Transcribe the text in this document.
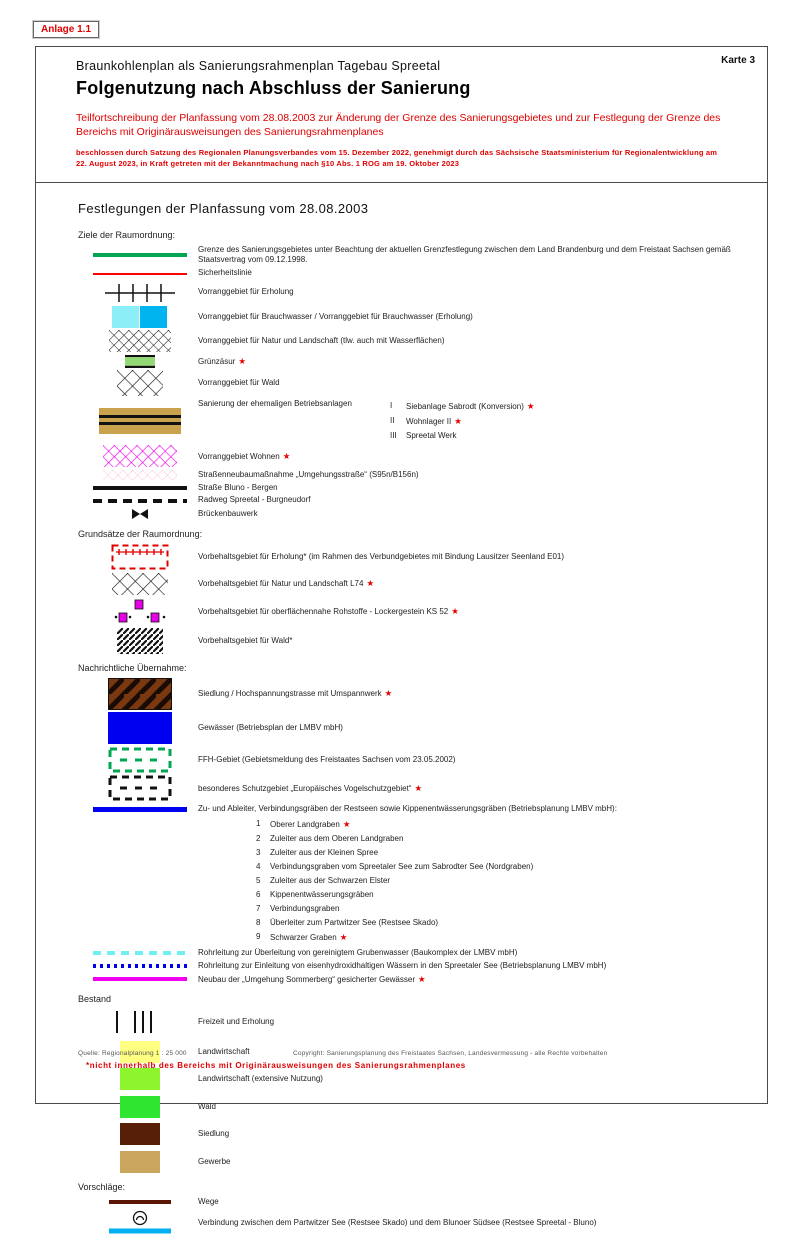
Anlage 1.1
Karte 3
Braunkohlenplan als Sanierungsrahmenplan Tagebau Spreetal
Folgenutzung nach Abschluss der Sanierung
Teilfortschreibung der Planfassung vom 28.08.2003 zur Änderung der Grenze des Sanierungsgebietes und zur Festlegung der Grenze des Bereichs mit Originärausweisungen des Sanierungsrahmenplanes
beschlossen durch Satzung des Regionalen Planungsverbandes vom 15. Dezember 2022, genehmigt durch das Sächsische Staatsministerium für Regionalentwicklung am 22. August 2023, in Kraft getreten mit der Bekanntmachung nach §10 Abs. 1 ROG am 19. Oktober 2023
Festlegungen der Planfassung vom 28.08.2003
Ziele der Raumordnung:
Grenze des Sanierungsgebietes unter Beachtung der aktuellen Grenzfestlegung zwischen dem Land Brandenburg und dem Freistaat Sachsen gemäß Staatsvertrag vom 09.12.1998.
Sicherheitslinie
Vorranggebiet für Erholung
Vorranggebiet für Brauchwasser / Vorranggebiet für Brauchwasser (Erholung)
Vorranggebiet für Natur und Landschaft (tlw. auch mit Wasserflächen)
Grünzäsur ★
Vorranggebiet für Wald
Sanierung der ehemaligen Betriebsanlagen	I	Siebanlage Sabrodt (Konversion) ★
II	Wohnlager II ★
III	Spreetal Werk
Vorranggebiet Wohnen ★
Straßenneubaumaßnahme „Umgehungsstraße“ (S95n/B156n)
Straße Bluno - Bergen
Radweg Spreetal - Burgneudorf
Brückenbauwerk
Grundsätze der Raumordnung:
Vorbehaltsgebiet für Erholung* (im Rahmen des Verbundgebietes mit Bindung Lausitzer Seenland E01)
Vorbehaltsgebiet für Natur und Landschaft L74 ★
Vorbehaltsgebiet für oberflächennahe Rohstoffe - Lockergestein KS 52 ★
Vorbehaltsgebiet für Wald*
Nachrichtliche Übernahme:
Siedlung / Hochspannungstrasse mit Umspannwerk ★
Gewässer (Betriebsplan der LMBV mbH)
FFH-Gebiet (Gebietsmeldung des Freistaates Sachsen vom 23.05.2002)
besonderes Schutzgebiet „Europäisches Vogelschutzgebiet“ ★
Zu- und Ableiter, Verbindungsgräben der Restseen sowie Kippenentwässerungsgräben (Betriebsplanung LMBV mbH):
1	Oberer Landgraben ★
2	Zuleiter aus dem Oberen Landgraben
3	Zuleiter aus der Kleinen Spree
4	Verbindungsgraben vom Spreetaler See zum Sabrodter See (Nordgraben)
5	Zuleiter aus der Schwarzen Elster
6	Kippenentwässerungsgräben
7	Verbindungsgraben
8	Überleiter zum Partwitzer See (Restsee Skado)
9	Schwarzer Graben ★
Rohrleitung zur Überleitung von gereinigtem Grubenwasser (Baukomplex der LMBV mbH)
Rohrleitung zur Einleitung von eisenhydroxidhaltigen Wässern in den Spreetaler See (Betriebsplanung LMBV mbH)
Neubau der „Umgehung Sommerberg“ gesicherter Gewässer ★
Bestand
Freizeit und Erholung
Landwirtschaft
Landwirtschaft (extensive Nutzung)
Wald
Siedlung
Gewerbe
Vorschläge:
Wege
Verbindung zwischen dem Partwitzer See (Restsee Skado) und dem Blunoer Südsee (Restsee Spreetal - Bluno)
Quelle: Regionalplanung 1 : 25 000	Copyright: Sanierungsplanung des Freistaates Sachsen, Landesvermessung - alle Rechte vorbehalten
*nicht innerhalb des Bereichs mit Originärausweisungen des Sanierungsrahmenplanes
